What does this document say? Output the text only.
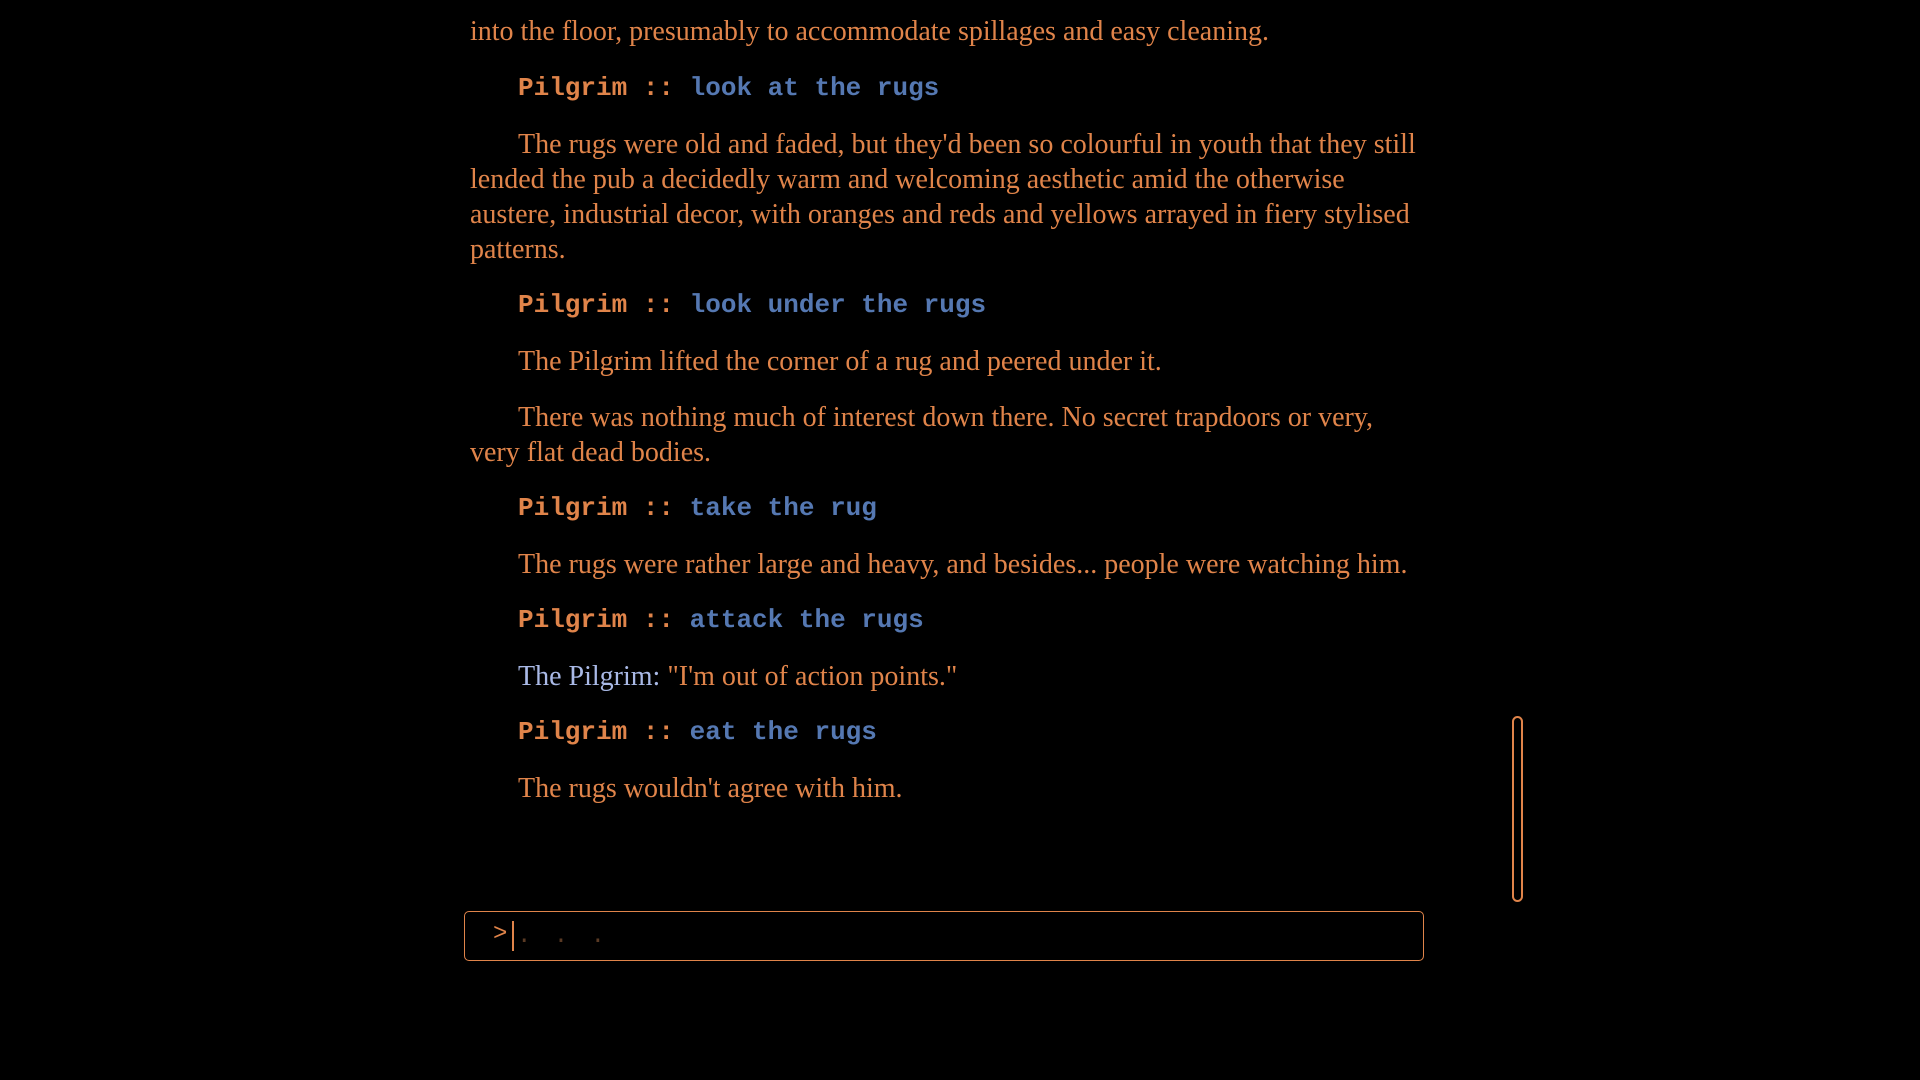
into the floor, presumably to accommodate spillages and easy cleaning.

Pilgrim :: look at the rugs

The rugs were old and faded, but they'd been so colourful in youth that they still lended the pub a decidedly warm and welcoming aesthetic amid the otherwise austere, industrial decor, with oranges and reds and yellows arrayed in fiery stylised patterns.

Pilgrim :: look under the rugs

The Pilgrim lifted the corner of a rug and peered under it.

There was nothing much of interest down there. No secret trapdoors or very, very flat dead bodies.

Pilgrim :: take the rug

The rugs were rather large and heavy, and besides... people were watching him.

Pilgrim :: attack the rugs

The Pilgrim: "I'm out of action points."

Pilgrim :: eat the rugs

The rugs wouldn't agree with him.

>
. . .
